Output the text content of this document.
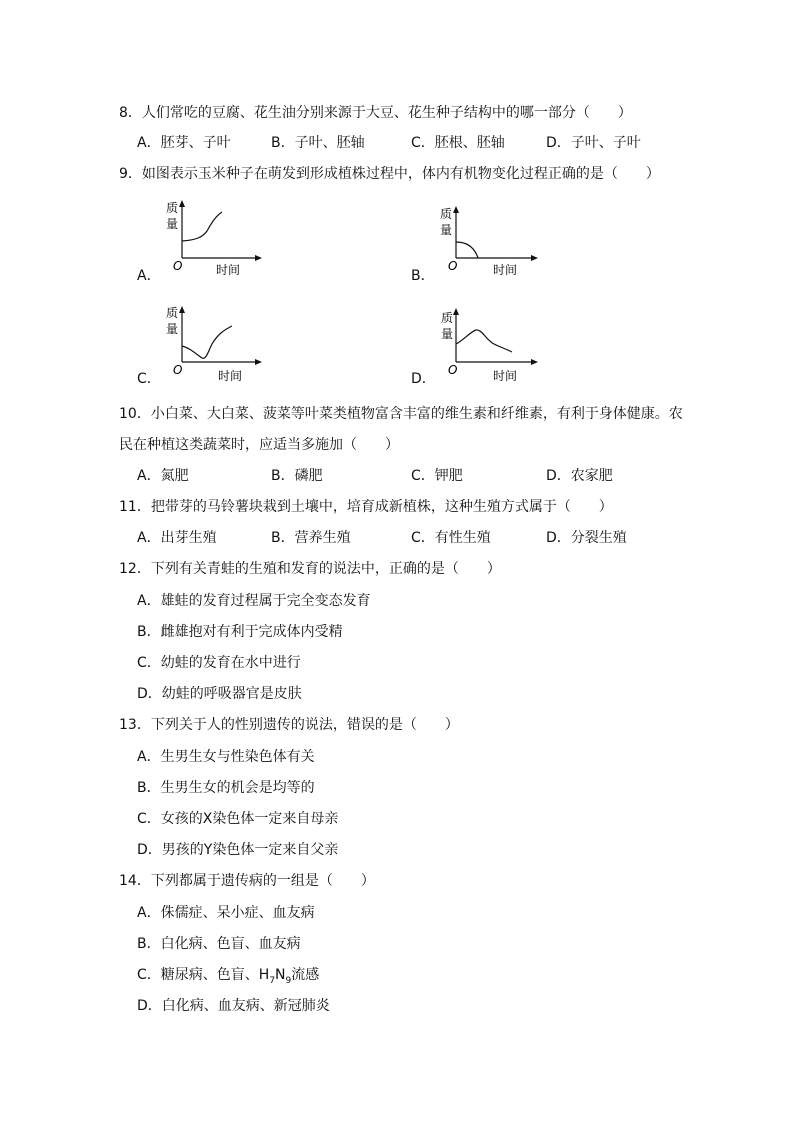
8．人们常吃的豆腐、花生油分别来源于大豆、花生种子结构中的哪一部分（　　）
A．胚芽、子叶	B．子叶、胚轴	C．胚根、胚轴	D．子叶、子叶
9．如图表示玉米种子在萌发到形成植株过程中，体内有机物变化过程正确的是（　　）
A．
质
量
O	时间	B．
质
量
O	时间
C．
质
量
O	时间	D．
质
量
O	时间
10．小白菜、大白菜、菠菜等叶菜类植物富含丰富的维生素和纤维素，有利于身体健康。农
民在种植这类蔬菜时，应适当多施加（　　）
A．氮肥	B．磷肥	C．钾肥	D．农家肥
11．把带芽的马铃薯块栽到土壤中，培育成新植株，这种生殖方式属于（　　）
A．出芽生殖	B．营养生殖	C．有性生殖	D．分裂生殖
12．下列有关青蛙的生殖和发育的说法中，正确的是（　　）
A．雄蛙的发育过程属于完全变态发育
B．雌雄抱对有利于完成体内受精
C．幼蛙的发育在水中进行
D．幼蛙的呼吸器官是皮肤
13．下列关于人的性别遗传的说法，错误的是（　　）
A．生男生女与性染色体有关
B．生男生女的机会是均等的
C．女孩的X染色体一定来自母亲
D．男孩的Y染色体一定来自父亲
14．下列都属于遗传病的一组是（　　）
A．侏儒症、呆小症、血友病
B．白化病、色盲、血友病
C．糖尿病、色盲、$H_7N_9$流感
D．白化病、血友病、新冠肺炎
